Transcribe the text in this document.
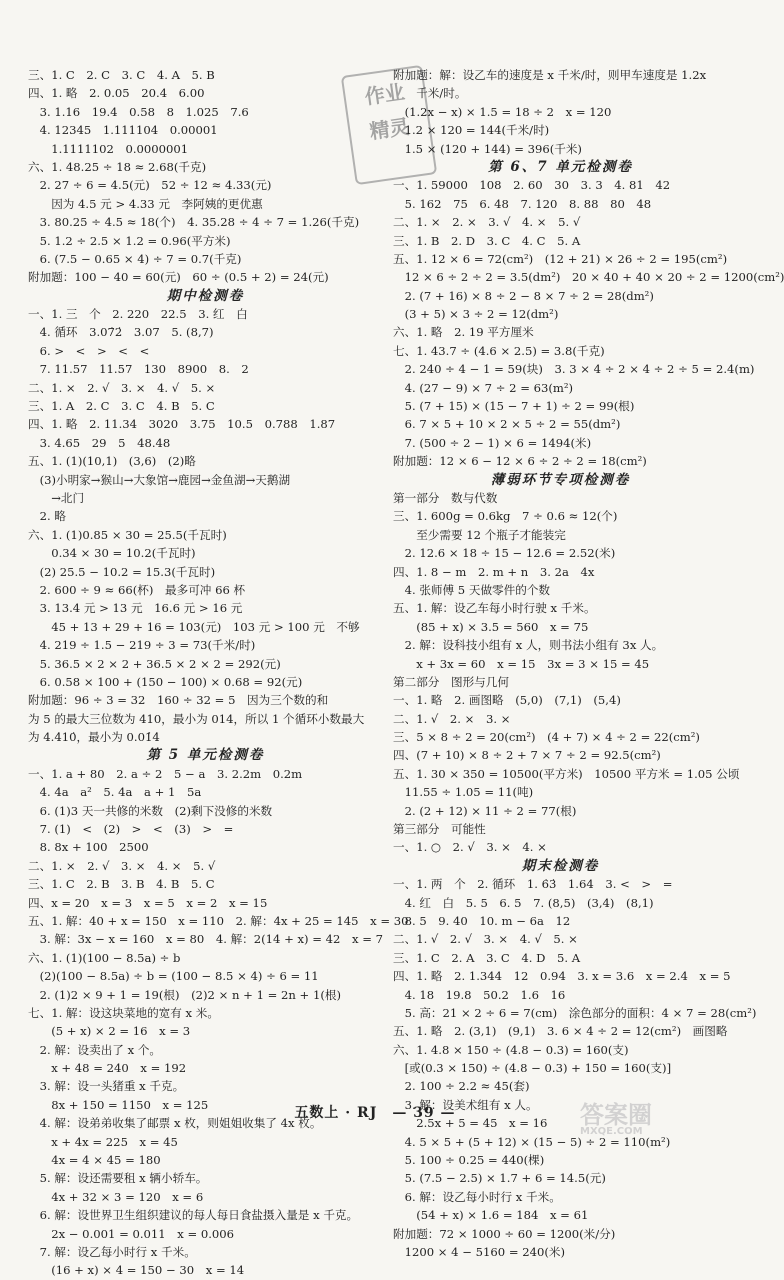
作业
精灵
三、1. C　2. C　3. C　4. A　5. B
四、1. 略　2. 0.05　20.4　6.00
　3. 1.16　19.4　0.58　8　1.025　7.6
　4. 12345　1.111104　0.00001
　　1.1111102　0.0000001
六、1. 48.25 ÷ 18 ≈ 2.68(千克)
　2. 27 ÷ 6 = 4.5(元)　52 ÷ 12 ≈ 4.33(元)
　　因为 4.5 元 > 4.33 元　李阿姨的更优惠
　3. 80.25 ÷ 4.5 ≈ 18(个)　4. 35.28 ÷ 4 ÷ 7 = 1.26(千克)
　5. 1.2 ÷ 2.5 × 1.2 = 0.96(平方米)
　6. (7.5 − 0.65 × 4) ÷ 7 = 0.7(千克)
附加题：100 − 40 = 60(元)　60 ÷ (0.5 + 2) = 24(元)
期中检测卷
一、1. 三　个　2. 220　22.5　3. 红　白
　4. 循环　3.07̇2̇　3.07　5. (8,7)
　6. >　<　>　<　<
　7. 11.57　11.57　130　8900　8.　2
二、1. ×　2. √　3. ×　4. √　5. ×
三、1. A　2. C　3. C　4. B　5. C
四、1. 略　2. 11.34　3020　3.75　10.5　0.788　1.87
　3. 4.65　29　5　48.48
五、1. (1)(10,1)　(3,6)　(2)略
　(3)小明家→猴山→大象馆→鹿园→金鱼湖→天鹅湖
　　→北门
　2. 略
六、1. (1)0.85 × 30 = 25.5(千瓦时)
　　0.34 × 30 = 10.2(千瓦时)
　(2) 25.5 − 10.2 = 15.3(千瓦时)
　2. 600 ÷ 9 ≈ 66(杯)　最多可冲 66 杯
　3. 13.4 元 > 13 元　16.6 元 > 16 元
　　45 + 13 + 29 + 16 = 103(元)　103 元 > 100 元　不够
　4. 219 ÷ 1.5 − 219 ÷ 3 = 73(千米/时)
　5. 36.5 × 2 × 2 + 36.5 × 2 × 2 = 292(元)
　6. 0.58 × 100 + (150 − 100) × 0.68 = 92(元)
附加题：96 ÷ 3 = 32　160 ÷ 32 = 5　因为三个数的和
为 5 的最大三位数为 410，最小为 014，所以 1 个循环小数最大
为 4.4̇10̇，最小为 0.01̇4̇
第 5 单元检测卷
一、1. a + 80　2. a ÷ 2　5 − a　3. 2.2m　0.2m
　4. 4a　a²　5. 4a　a + 1　5a
　6. (1)3 天一共修的米数　(2)剩下没修的米数
　7. (1)　<　(2)　>　<　(3)　>　=
　8. 8x + 100　2500
二、1. ×　2. √　3. ×　4. ×　5. √
三、1. C　2. B　3. B　4. B　5. C
四、x = 20　x = 3　x = 5　x = 2　x = 15
五、1. 解：40 + x = 150　x = 110　2. 解：4x + 25 = 145　x = 30
　3. 解：3x − x = 160　x = 80　4. 解：2(14 + x) = 42　x = 7
六、1. (1)(100 − 8.5a) ÷ b
　(2)(100 − 8.5a) ÷ b = (100 − 8.5 × 4) ÷ 6 = 11
　2. (1)2 × 9 + 1 = 19(根)　(2)2 × n + 1 = 2n + 1(根)
七、1. 解：设这块菜地的宽有 x 米。
　　(5 + x) × 2 = 16　x = 3
　2. 解：设卖出了 x 个。
　　x + 48 = 240　x = 192
　3. 解：设一头猪重 x 千克。
　　8x + 150 = 1150　x = 125
　4. 解：设弟弟收集了邮票 x 枚，则姐姐收集了 4x 枚。
　　x + 4x = 225　x = 45
　　4x = 4 × 45 = 180
　5. 解：设还需要租 x 辆小轿车。
　　4x + 32 × 3 = 120　x = 6
　6. 解：设世界卫生组织建议的每人每日食盐摄入量是 x 千克。
　　2x − 0.001 = 0.011　x = 0.006
　7. 解：设乙每小时行 x 千米。
　　(16 + x) × 4 = 150 − 30　x = 14
附加题：解：设乙车的速度是 x 千米/时，则甲车速度是 1.2x
　　千米/时。
　(1.2x − x) × 1.5 = 18 ÷ 2　x = 120
　1.2 × 120 = 144(千米/时)
　1.5 × (120 + 144) = 396(千米)
第 6、7 单元检测卷
一、1. 59000　108　2. 60　30　3. 3　4. 81　42
　5. 162　75　6. 48　7. 120　8. 88　80　48
二、1. ×　2. ×　3. √　4. ×　5. √
三、1. B　2. D　3. C　4. C　5. A
五、1. 12 × 6 = 72(cm²)　(12 + 21) × 26 ÷ 2 = 195(cm²)
　12 × 6 ÷ 2 ÷ 2 = 3.5(dm²)　20 × 40 + 40 × 20 ÷ 2 = 1200(cm²)
　2. (7 + 16) × 8 ÷ 2 − 8 × 7 ÷ 2 = 28(dm²)
　(3 + 5) × 3 ÷ 2 = 12(dm²)
六、1. 略　2. 19 平方厘米
七、1. 43.7 ÷ (4.6 × 2.5) = 3.8(千克)
　2. 240 ÷ 4 − 1 = 59(块)　3. 3 × 4 ÷ 2 × 4 ÷ 2 ÷ 5 = 2.4(m)
　4. (27 − 9) × 7 ÷ 2 = 63(m²)
　5. (7 + 15) × (15 − 7 + 1) ÷ 2 = 99(根)
　6. 7 × 5 + 10 × 2 × 5 ÷ 2 = 55(dm²)
　7. (500 ÷ 2 − 1) × 6 = 1494(米)
附加题：12 × 6 − 12 × 6 ÷ 2 ÷ 2 = 18(cm²)
薄弱环节专项检测卷
第一部分　数与代数
三、1. 600g = 0.6kg　7 ÷ 0.6 ≈ 12(个)
　　至少需要 12 个瓶子才能装完
　2. 12.6 × 18 ÷ 15 − 12.6 = 2.52(米)
四、1. 8 − m　2. m + n　3. 2a　4x
　4. 张师傅 5 天做零件的个数
五、1. 解：设乙车每小时行驶 x 千米。
　　(85 + x) × 3.5 = 560　x = 75
　2. 解：设科技小组有 x 人，则书法小组有 3x 人。
　　x + 3x = 60　x = 15　3x = 3 × 15 = 45
第二部分　图形与几何
一、1. 略　2. 画图略　(5,0)　(7,1)　(5,4)
二、1. √　2. ×　3. ×
三、5 × 8 ÷ 2 = 20(cm²)　(4 + 7) × 4 ÷ 2 = 22(cm²)
四、(7 + 10) × 8 ÷ 2 + 7 × 7 ÷ 2 = 92.5(cm²)
五、1. 30 × 350 = 10500(平方米)　10500 平方米 = 1.05 公顷
　11.55 ÷ 1.05 = 11(吨)
　2. (2 + 12) × 11 ÷ 2 = 77(根)
第三部分　可能性
一、1. ○　2. √　3. ×　4. ×
期末检测卷
一、1. 两　个　2. 循环　1. 6̇3̇　1.64　3. <　>　=
　4. 红　白　5. 5　6. 5　7. (8,5)　(3,4)　(8,1)
　8. 5　9. 40　10. m − 6a　12
二、1. √　2. √　3. ×　4. √　5. ×
三、1. C　2. A　3. C　4. D　5. A
四、1. 略　2. 1.344　12　0.94　3. x = 3.6　x = 2.4　x = 5
　4. 18　19.8　50.2　1.6　16
　5. 高：21 × 2 ÷ 6 = 7(cm)　涂色部分的面积：4 × 7 = 28(cm²)
五、1. 略　2. (3,1)　(9,1)　3. 6 × 4 ÷ 2 = 12(cm²)　画图略
六、1. 4.8 × 150 ÷ (4.8 − 0.3) = 160(支)
　[或(0.3 × 150) ÷ (4.8 − 0.3) + 150 = 160(支)]
　2. 100 ÷ 2.2 ≈ 45(套)
　3. 解：设美术组有 x 人。
　　2.5x + 5 = 45　x = 16
　4. 5 × 5 + (5 + 12) × (15 − 5) ÷ 2 = 110(m²)
　5. 100 ÷ 0.25 = 440(棵)
　5. (7.5 − 2.5) × 1.7 + 6 = 14.5(元)
　6. 解：设乙每小时行 x 千米。
　　(54 + x) × 1.6 = 184　x = 61
附加题：72 × 1000 ÷ 60 = 1200(米/分)
　1200 × 4 − 5160 = 240(米)
五数上 · RJ　— 39 —	答案圈
MXQE.COM
